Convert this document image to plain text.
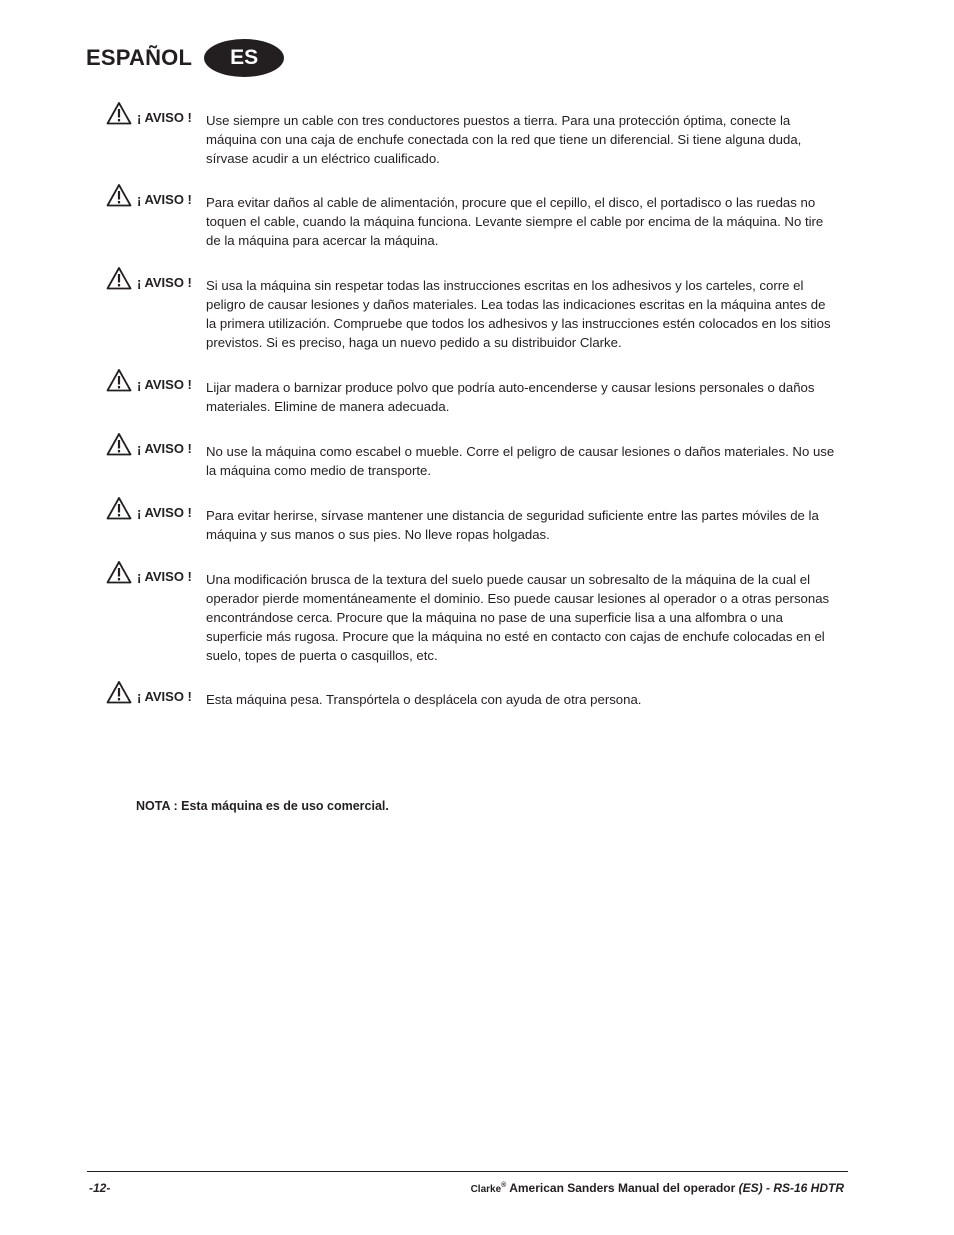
ESPAÑOL	ES
¡ AVISO ! Use siempre un cable con tres conductores puestos a tierra. Para una protección óptima, conecte la máquina con una caja de enchufe conectada con la red que tiene un diferencial. Si tiene alguna duda, sírvase acudir a un eléctrico cualificado.
¡ AVISO ! Para evitar daños al cable de alimentación, procure que el cepillo, el disco, el portadisco o las ruedas no toquen el cable, cuando la máquina funciona. Levante siempre el cable por encima de la máquina. No tire de la máquina para acercar la máquina.
¡ AVISO ! Si usa la máquina sin respetar todas las instrucciones escritas en los adhesivos y los carteles, corre el peligro de causar lesiones y daños materiales. Lea todas las indicaciones escritas en la máquina antes de la primera utilización. Compruebe que todos los adhesivos y las instrucciones estén colocados en los sitios previstos. Si es preciso, haga un nuevo pedido a su distribuidor Clarke.
¡ AVISO ! Lijar madera o barnizar produce polvo que podría auto-encenderse y causar lesions personales o daños materiales. Elimine de manera adecuada.
¡ AVISO ! No use la máquina como escabel o mueble. Corre el peligro de causar lesiones o daños materiales. No use la máquina como medio de transporte.
¡ AVISO ! Para evitar herirse, sírvase mantener une distancia de seguridad suficiente entre las partes móviles de la máquina y sus manos o sus pies. No lleve ropas holgadas.
¡ AVISO ! Una modificación brusca de la textura del suelo puede causar un sobresalto de la máquina de la cual el operador pierde momentáneamente el dominio. Eso puede causar lesiones al operador o a otras personas encontrándose cerca. Procure que la máquina no pase de una superficie lisa a una alfombra o una superficie más rugosa. Procure que la máquina no esté en contacto con cajas de enchufe colocadas en el suelo, topes de puerta o casquillos, etc.
¡ AVISO ! Esta máquina pesa. Transpórtela o desplácela con ayuda de otra persona.
NOTA : Esta máquina es de uso comercial.
-12-	Clarke® American Sanders Manual del operador (ES) - RS-16 HDTR
